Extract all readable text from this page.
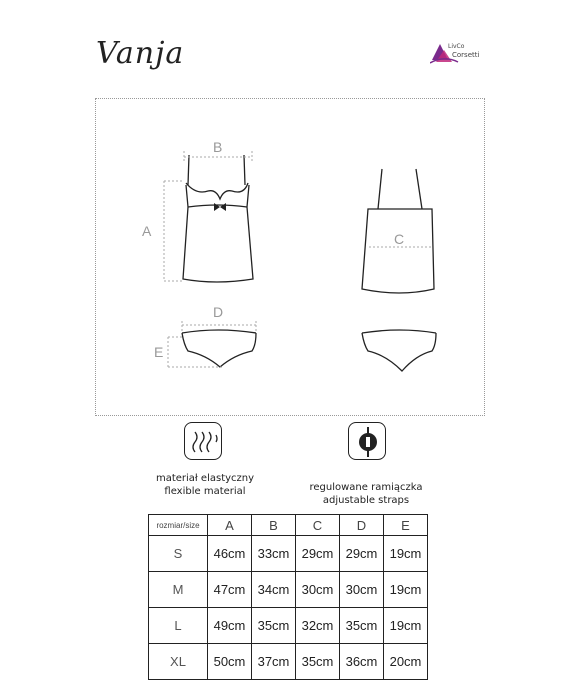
Vanja	LivCo
Corsetti
A
B
C
D
E
materiał elastyczny
flexible material	regulowane ramiączka
adjustable straps
rozmiar/size	A	B	C	D	E
S	46cm	33cm	29cm	29cm	19cm
M	47cm	34cm	30cm	30cm	19cm
L	49cm	35cm	32cm	35cm	19cm
XL	50cm	37cm	35cm	36cm	20cm
